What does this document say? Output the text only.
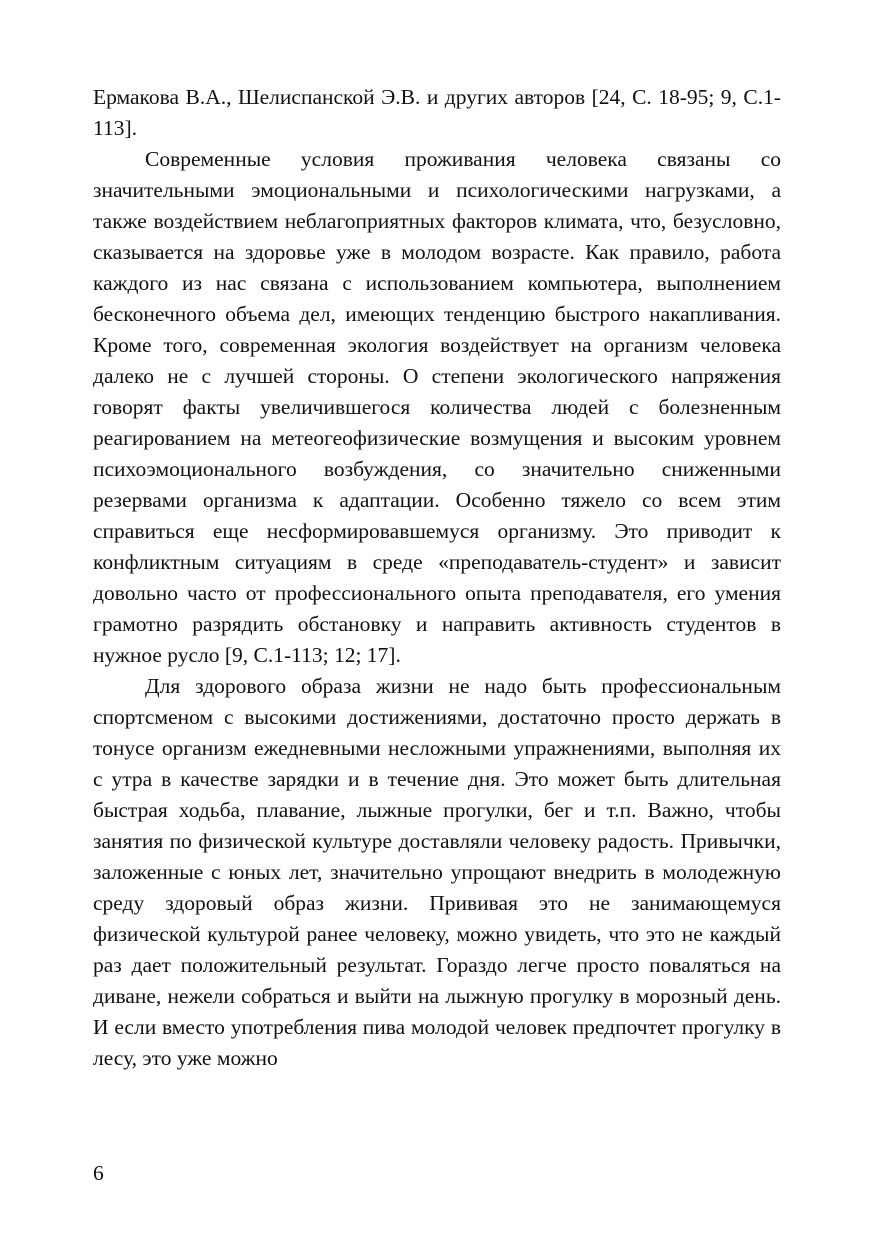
Ермакова В.А., Шелиспанской Э.В. и других авторов [24, С. 18-95; 9, С.1-113].

Современные условия проживания человека связаны со значительными эмоциональными и психологическими нагрузками, а также воздействием неблагоприятных факторов климата, что, безусловно, сказывается на здоровье уже в молодом возрасте. Как правило, работа каждого из нас связана с использованием компьютера, выполнением бесконечного объема дел, имеющих тенденцию быстрого накапливания. Кроме того, современная экология воздействует на организм человека далеко не с лучшей стороны. О степени экологического напряжения говорят факты увеличившегося количества людей с болезненным реагированием на метеогеофизические возмущения и высоким уровнем психоэмоционального возбуждения, со значительно сниженными резервами организма к адаптации. Особенно тяжело со всем этим справиться еще несформировавшемуся организму. Это приводит к конфликтным ситуациям в среде «преподаватель-студент» и зависит довольно часто от профессионального опыта преподавателя, его умения грамотно разрядить обстановку и направить активность студентов в нужное русло [9, С.1-113; 12; 17].

Для здорового образа жизни не надо быть профессиональным спортсменом с высокими достижениями, достаточно просто держать в тонусе организм ежедневными несложными упражнениями, выполняя их с утра в качестве зарядки и в течение дня. Это может быть длительная быстрая ходьба, плавание, лыжные прогулки, бег и т.п. Важно, чтобы занятия по физической культуре доставляли человеку радость. Привычки, заложенные с юных лет, значительно упрощают внедрить в молодежную среду здоровый образ жизни. Прививая это не занимающемуся физической культурой ранее человеку, можно увидеть, что это не каждый раз дает положительный результат. Гораздо легче просто поваляться на диване, нежели собраться и выйти на лыжную прогулку в морозный день. И если вместо употребления пива молодой человек предпочтет прогулку в лесу, это уже можно

6
